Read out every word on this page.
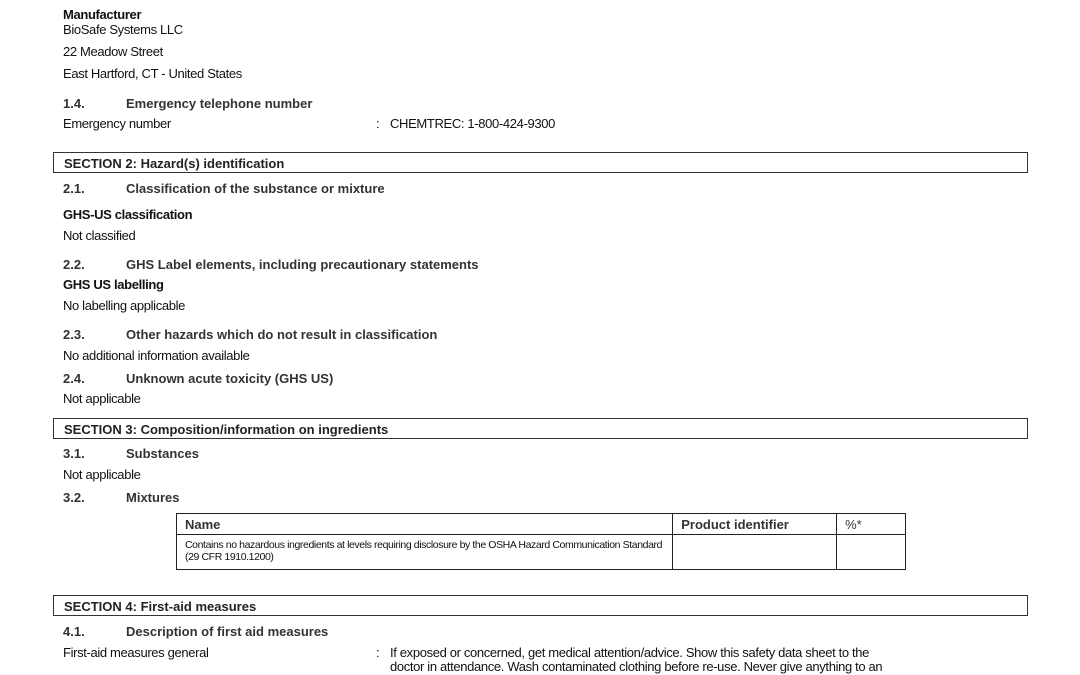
Manufacturer
BioSafe Systems LLC
22 Meadow Street
East Hartford, CT - United States
1.4.	Emergency telephone number
Emergency number	: CHEMTREC: 1-800-424-9300
SECTION 2: Hazard(s) identification
2.1.	Classification of the substance or mixture
GHS-US classification
Not classified
2.2.	GHS Label elements, including precautionary statements
GHS US labelling
No labelling applicable
2.3.	Other hazards which do not result in classification
No additional information available
2.4.	Unknown acute toxicity (GHS US)
Not applicable
SECTION 3: Composition/information on ingredients
3.1.	Substances
Not applicable
3.2.	Mixtures
Name	Product identifier	%*
Contains no hazardous ingredients at levels requiring disclosure by the OSHA Hazard Communication Standard (29 CFR 1910.1200)		
SECTION 4: First-aid measures
4.1.	Description of first aid measures
First-aid measures general	: If exposed or concerned, get medical attention/advice. Show this safety data sheet to the
doctor in attendance. Wash contaminated clothing before re-use. Never give anything to an
